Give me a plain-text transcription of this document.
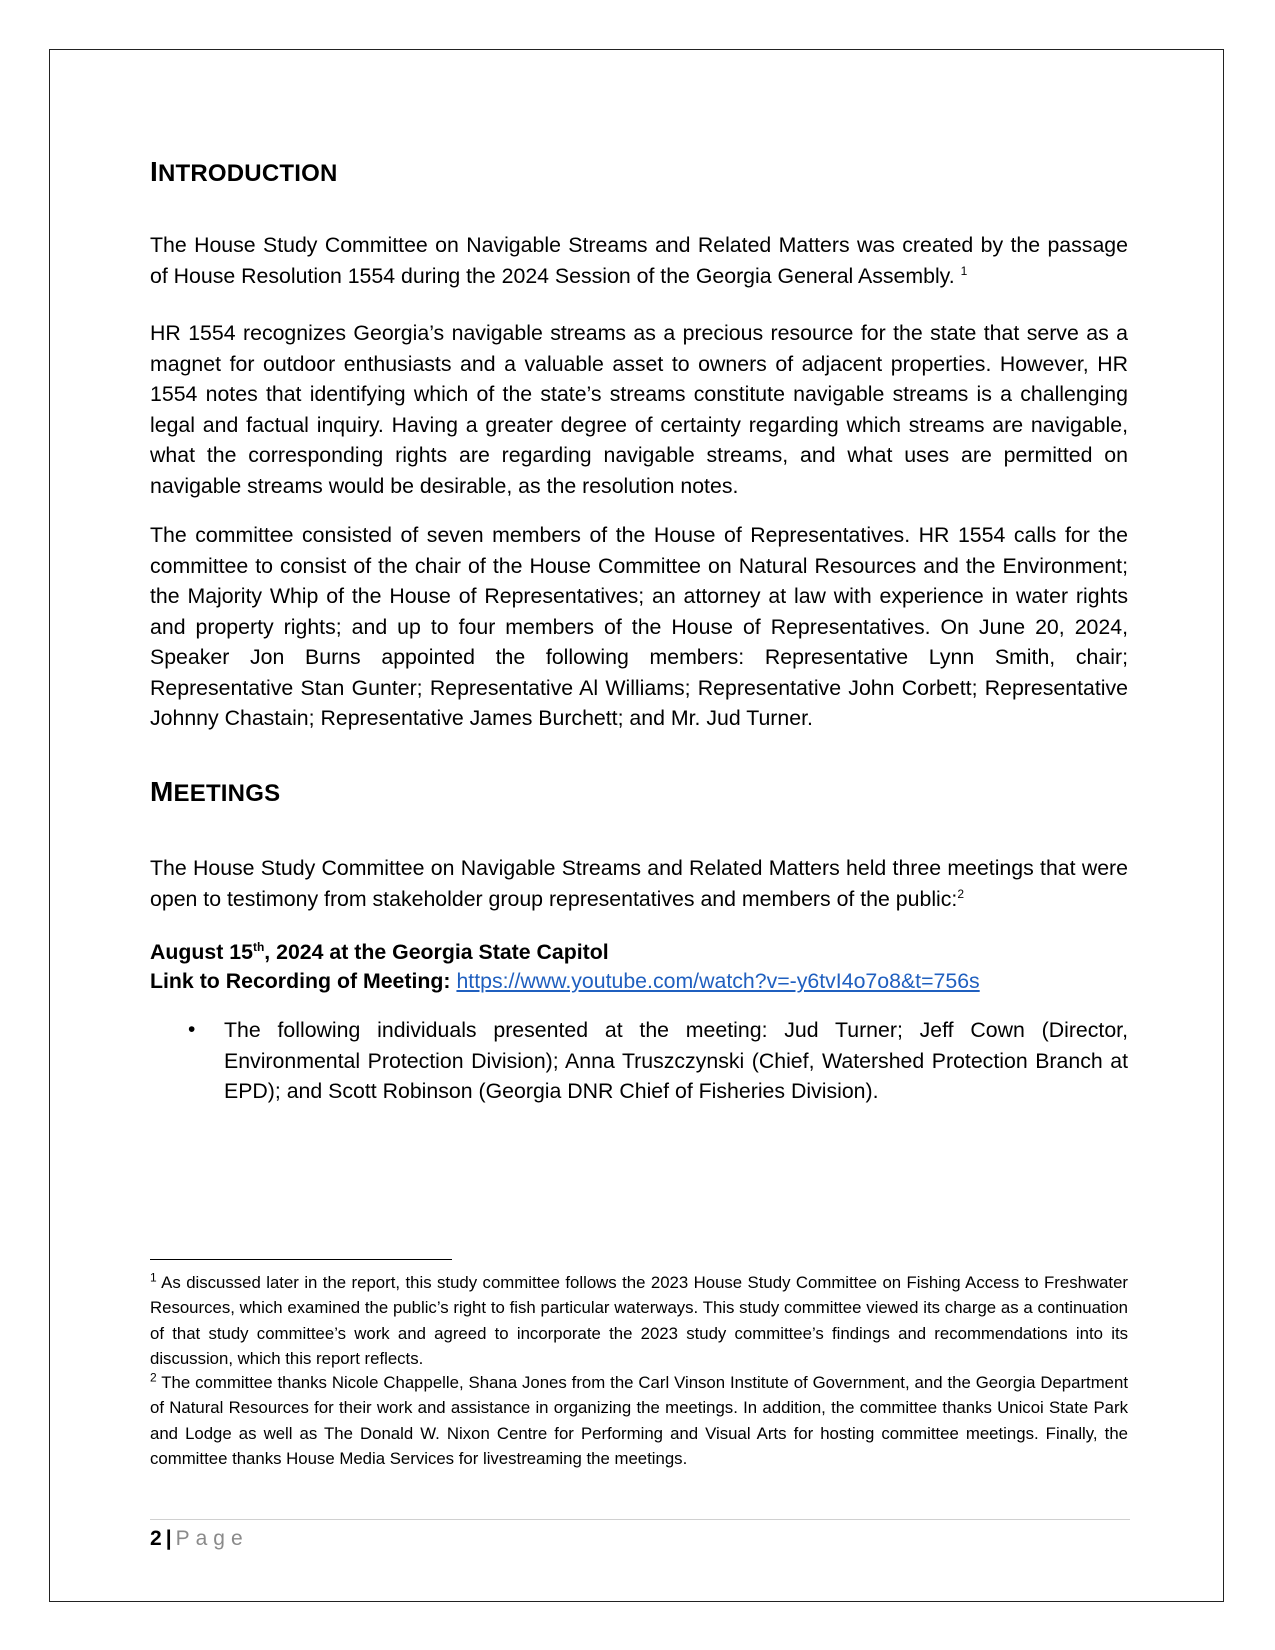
INTRODUCTION

The House Study Committee on Navigable Streams and Related Matters was created by the passage of House Resolution 1554 during the 2024 Session of the Georgia General Assembly. $^1$

HR 1554 recognizes Georgia’s navigable streams as a precious resource for the state that serve as a magnet for outdoor enthusiasts and a valuable asset to owners of adjacent properties. However, HR 1554 notes that identifying which of the state’s streams constitute navigable streams is a challenging legal and factual inquiry. Having a greater degree of certainty regarding which streams are navigable, what the corresponding rights are regarding navigable streams, and what uses are permitted on navigable streams would be desirable, as the resolution notes.

The committee consisted of seven members of the House of Representatives. HR 1554 calls for the committee to consist of the chair of the House Committee on Natural Resources and the Environment; the Majority Whip of the House of Representatives; an attorney at law with experience in water rights and property rights; and up to four members of the House of Representatives. On June 20, 2024, Speaker Jon Burns appointed the following members: Representative Lynn Smith, chair; Representative Stan Gunter; Representative Al Williams; Representative John Corbett; Representative Johnny Chastain; Representative James Burchett; and Mr. Jud Turner.

MEETINGS

The House Study Committee on Navigable Streams and Related Matters held three meetings that were open to testimony from stakeholder group representatives and members of the public:$^2$

August 15th, 2024 at the Georgia State Capitol
Link to Recording of Meeting: https://www.youtube.com/watch?v=-y6tvI4o7o8&t=756s
• The following individuals presented at the meeting: Jud Turner; Jeff Cown (Director, Environmental Protection Division); Anna Truszczynski (Chief, Watershed Protection Branch at EPD); and Scott Robinson (Georgia DNR Chief of Fisheries Division).

$^1$ As discussed later in the report, this study committee follows the 2023 House Study Committee on Fishing Access to Freshwater Resources, which examined the public’s right to fish particular waterways. This study committee viewed its charge as a continuation of that study committee’s work and agreed to incorporate the 2023 study committee’s findings and recommendations into its discussion, which this report reflects.

$^2$ The committee thanks Nicole Chappelle, Shana Jones from the Carl Vinson Institute of Government, and the Georgia Department of Natural Resources for their work and assistance in organizing the meetings. In addition, the committee thanks Unicoi State Park and Lodge as well as The Donald W. Nixon Centre for Performing and Visual Arts for hosting committee meetings. Finally, the committee thanks House Media Services for livestreaming the meetings.

2 | Page
